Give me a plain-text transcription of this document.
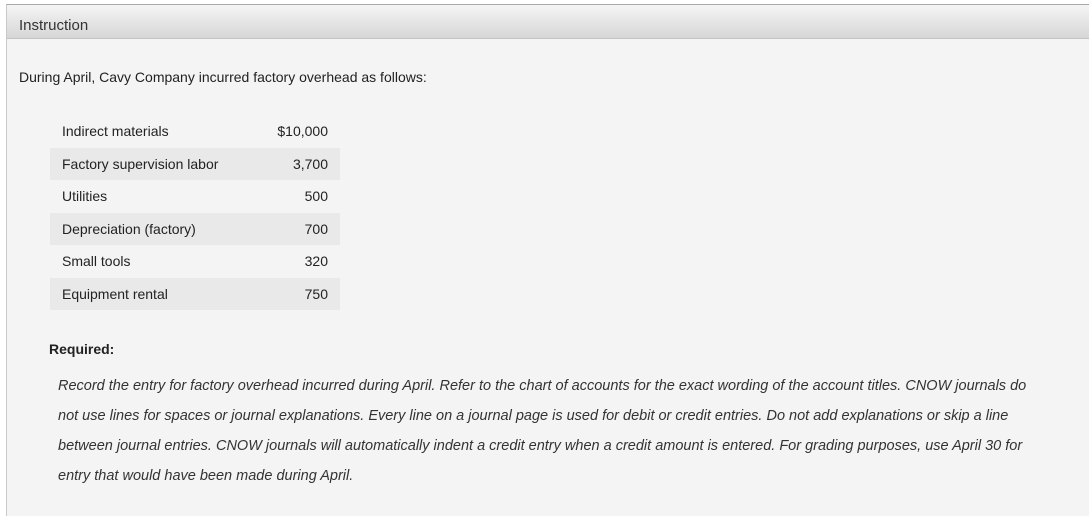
Instruction
During April, Cavy Company incurred factory overhead as follows:
Indirect materials	$10,000
Factory supervision labor	3,700
Utilities	500
Depreciation (factory)	700
Small tools	320
Equipment rental	750
Required:
Record the entry for factory overhead incurred during April. Refer to the chart of accounts for the exact wording of the account titles. CNOW journals do not use lines for spaces or journal explanations. Every line on a journal page is used for debit or credit entries. Do not add explanations or skip a line between journal entries. CNOW journals will automatically indent a credit entry when a credit amount is entered. For grading purposes, use April 30 for entry that would have been made during April.
